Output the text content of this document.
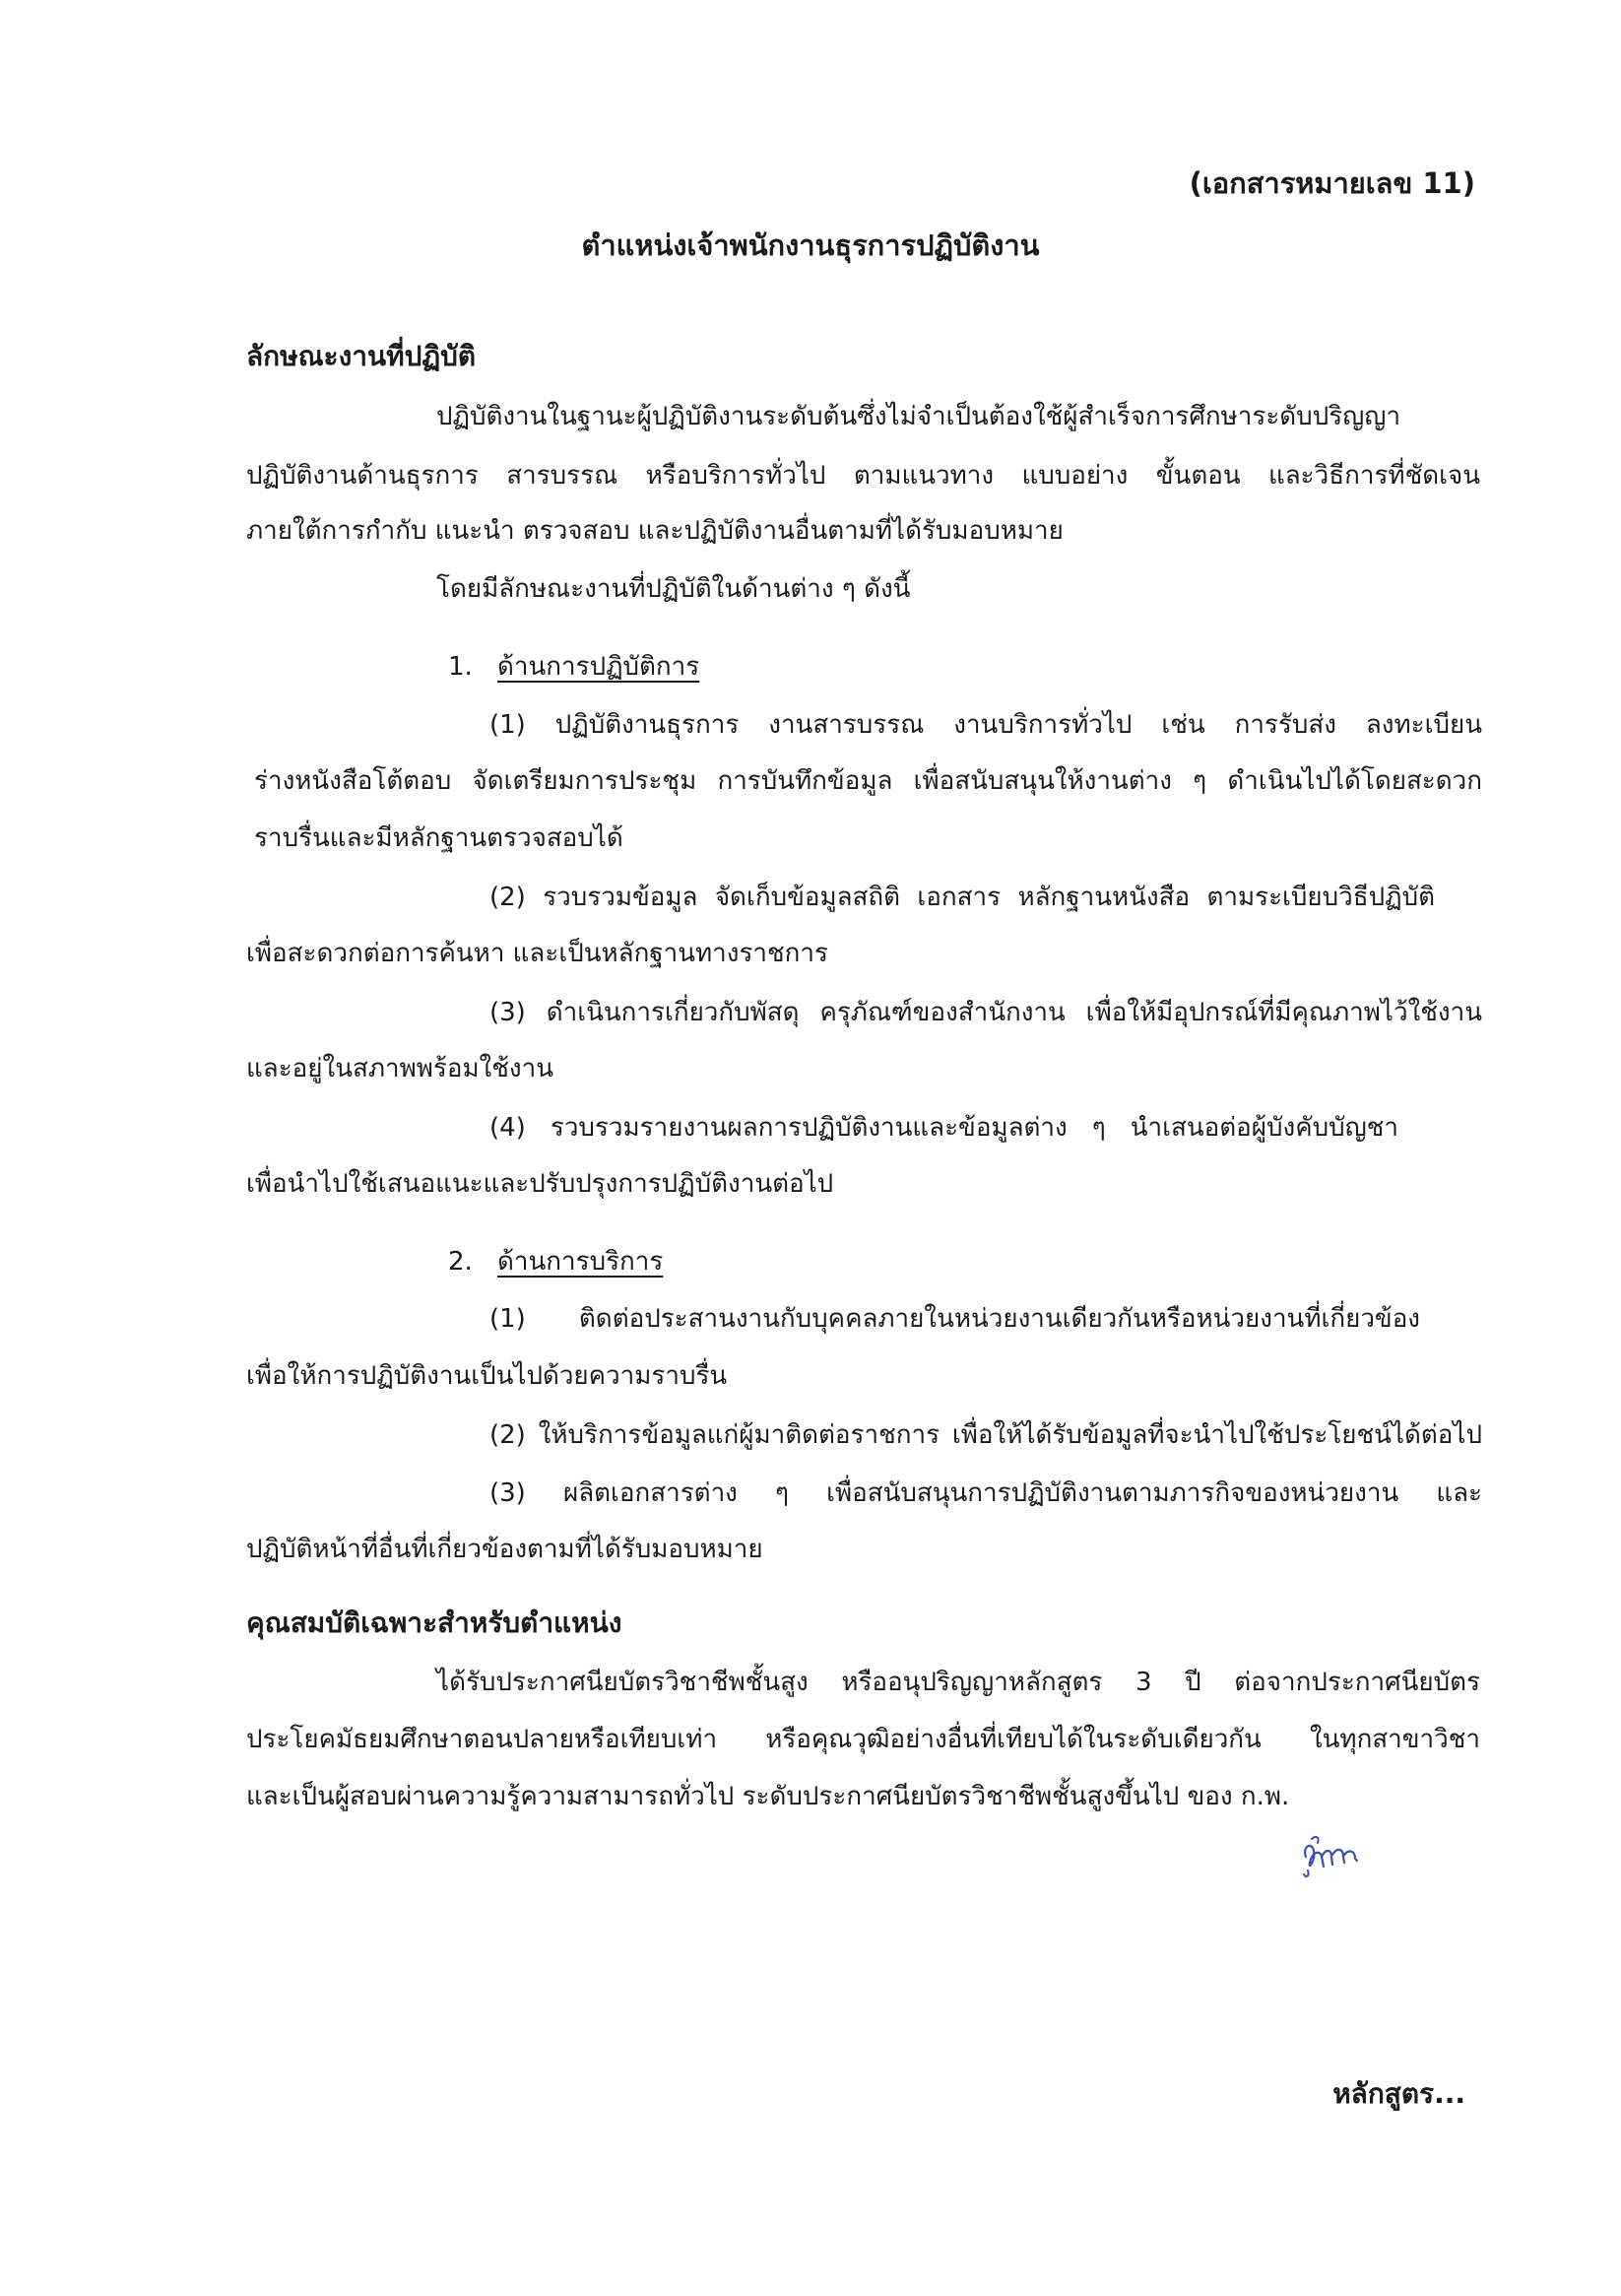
(เอกสารหมายเลข 11)
ตำแหน่งเจ้าพนักงานธุรการปฏิบัติงาน
ลักษณะงานที่ปฏิบัติ
ปฏิบัติงานในฐานะผู้ปฏิบัติงานระดับต้นซึ่งไม่จำเป็นต้องใช้ผู้สำเร็จการศึกษาระดับปริญญา
ปฏิบัติงานด้านธุรการ สารบรรณ หรือบริการทั่วไป ตามแนวทาง แบบอย่าง ขั้นตอน และวิธีการที่ชัดเจน
ภายใต้การกำกับ แนะนำ ตรวจสอบ และปฏิบัติงานอื่นตามที่ได้รับมอบหมาย
โดยมีลักษณะงานที่ปฏิบัติในด้านต่าง ๆ ดังนี้
1. ด้านการปฏิบัติการ
(1) ปฏิบัติงานธุรการ งานสารบรรณ งานบริการทั่วไป เช่น การรับส่ง ลงทะเบียน
ร่างหนังสือโต้ตอบ จัดเตรียมการประชุม การบันทึกข้อมูล เพื่อสนับสนุนให้งานต่าง ๆ ดำเนินไปได้โดยสะดวก
ราบรื่นและมีหลักฐานตรวจสอบได้
(2) รวบรวมข้อมูล จัดเก็บข้อมูลสถิติ เอกสาร หลักฐานหนังสือ ตามระเบียบวิธีปฏิบัติ
เพื่อสะดวกต่อการค้นหา และเป็นหลักฐานทางราชการ
(3) ดำเนินการเกี่ยวกับพัสดุ ครุภัณฑ์ของสำนักงาน เพื่อให้มีอุปกรณ์ที่มีคุณภาพไว้ใช้งาน
และอยู่ในสภาพพร้อมใช้งาน
(4) รวบรวมรายงานผลการปฏิบัติงานและข้อมูลต่าง ๆ นำเสนอต่อผู้บังคับบัญชา
เพื่อนำไปใช้เสนอแนะและปรับปรุงการปฏิบัติงานต่อไป
2. ด้านการบริการ
(1) ติดต่อประสานงานกับบุคคลภายในหน่วยงานเดียวกันหรือหน่วยงานที่เกี่ยวข้อง
เพื่อให้การปฏิบัติงานเป็นไปด้วยความราบรื่น
(2) ให้บริการข้อมูลแก่ผู้มาติดต่อราชการ เพื่อให้ได้รับข้อมูลที่จะนำไปใช้ประโยชน์ได้ต่อไป
(3) ผลิตเอกสารต่าง ๆ เพื่อสนับสนุนการปฏิบัติงานตามภารกิจของหน่วยงาน และ
ปฏิบัติหน้าที่อื่นที่เกี่ยวข้องตามที่ได้รับมอบหมาย
คุณสมบัติเฉพาะสำหรับตำแหน่ง
ได้รับประกาศนียบัตรวิชาชีพชั้นสูง หรืออนุปริญญาหลักสูตร 3 ปี ต่อจากประกาศนียบัตร
ประโยคมัธยมศึกษาตอนปลายหรือเทียบเท่า หรือคุณวุฒิอย่างอื่นที่เทียบได้ในระดับเดียวกัน ในทุกสาขาวิชา
และเป็นผู้สอบผ่านความรู้ความสามารถทั่วไป ระดับประกาศนียบัตรวิชาชีพชั้นสูงขึ้นไป ของ ก.พ.
หลักสูตร...
